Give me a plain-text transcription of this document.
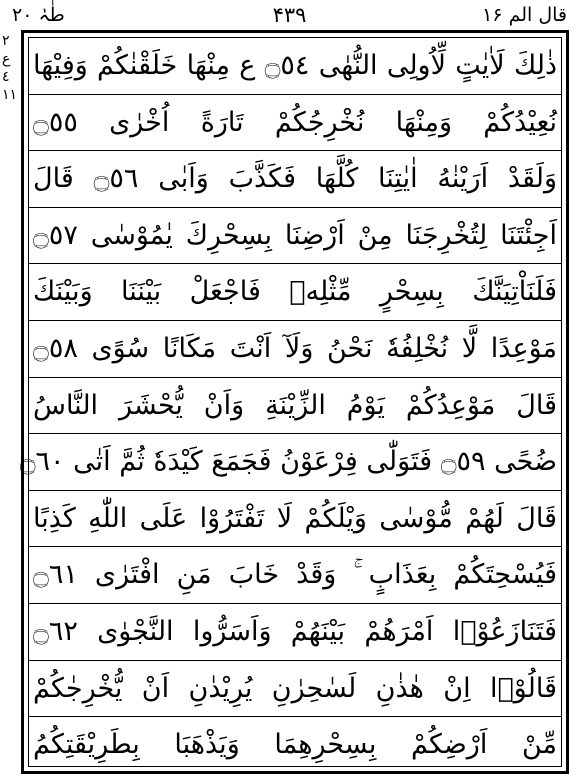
طٰہٰ ۲۰	۴۳۹	قال الم ۱۶
٢
ع
٤
١١
ذٰلِكَ لَاٰيٰتٍ لِّاُولِى النُّهٰى ۝٥٤ ع مِنْهَا خَلَقْنٰكُمْ وَفِيْهَا
نُعِيْدُكُمْ وَمِنْهَا نُخْرِجُكُمْ تَارَةً اُخْرٰى ۝٥٥
وَلَقَدْ اَرَيْنٰهُ اٰيٰتِنَا كُلَّهَا فَكَذَّبَ وَاَبٰى ۝٥٦ قَالَ
اَجِئْتَنَا لِتُخْرِجَنَا مِنْ اَرْضِنَا بِسِحْرِكَ يٰمُوْسٰى ۝٥٧
فَلَنَاْتِيَنَّكَ بِسِحْرٍ مِّثْلِهٖ فَاجْعَلْ بَيْنَنَا وَبَيْنَكَ
مَوْعِدًا لَّا نُخْلِفُهٗ نَحْنُ وَلَآ اَنْتَ مَكَانًا سُوًى ۝٥٨
قَالَ مَوْعِدُكُمْ يَوْمُ الزِّيْنَةِ وَاَنْ يُّحْشَرَ النَّاسُ
ضُحًى ۝٥٩ فَتَوَلّٰى فِرْعَوْنُ فَجَمَعَ كَيْدَهٗ ثُمَّ اَتٰى ۝٦٠
قَالَ لَهُمْ مُّوْسٰى وَيْلَكُمْ لَا تَفْتَرُوْا عَلَى اللّٰهِ كَذِبًا
فَيُسْحِتَكُمْ بِعَذَابٍ ۚ وَقَدْ خَابَ مَنِ افْتَرٰى ۝٦١
فَتَنَازَعُوْۤا اَمْرَهُمْ بَيْنَهُمْ وَاَسَرُّوا النَّجْوٰى ۝٦٢
قَالُوْۤا اِنْ هٰذٰنِ لَسٰحِرٰنِ يُرِيْدٰنِ اَنْ يُّخْرِجٰكُمْ
مِّنْ اَرْضِكُمْ بِسِحْرِهِمَا وَيَذْهَبَا بِطَرِيْقَتِكُمُ
